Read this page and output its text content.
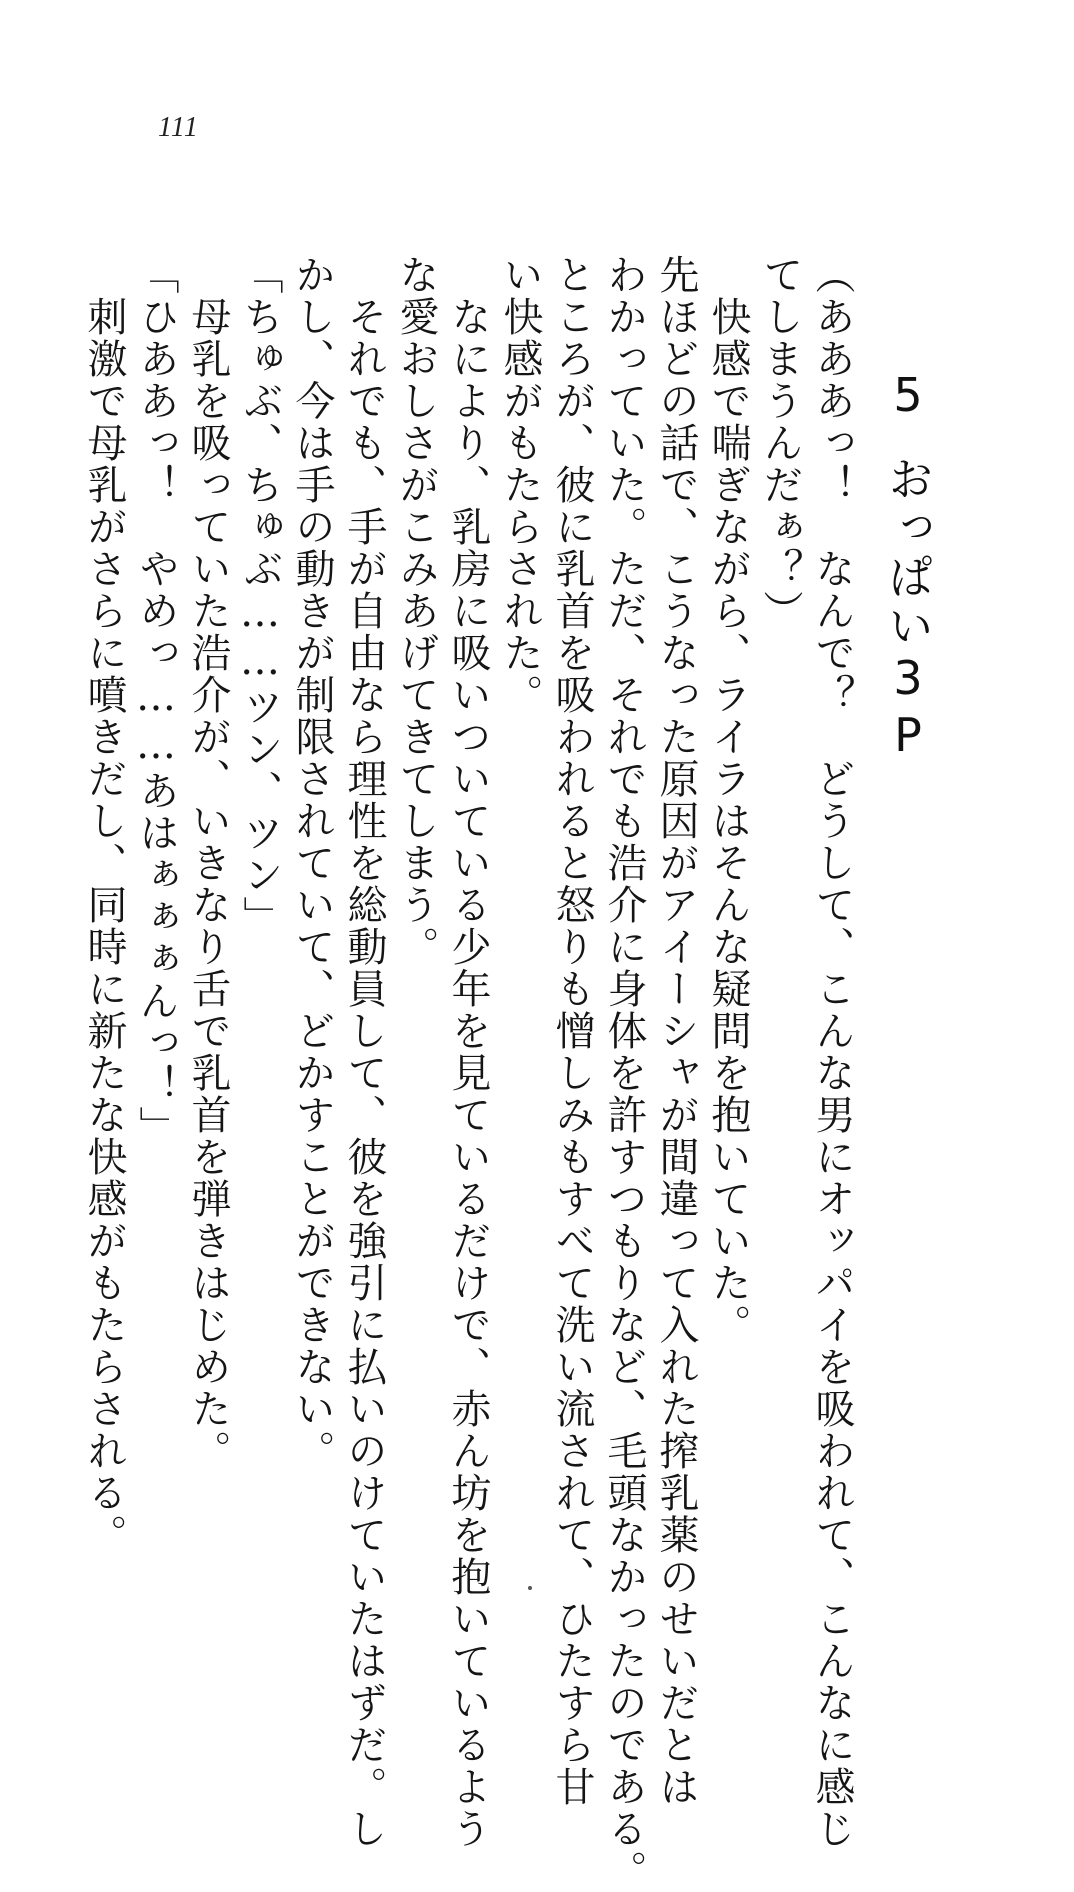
111
5おっぱい3P
（あああっ！　なんで？　どうして、こんな男にオッパイを吸われて、こんなに感じ
てしまうんだぁ？）
快感で喘ぎながら、ライラはそんな疑問を抱いていた。
先ほどの話で、こうなった原因がアイーシャが間違って入れた搾乳薬のせいだとは
わかっていた。ただ、それでも浩介に身体を許すつもりなど、毛頭なかったのである。
ところが、彼に乳首を吸われると怒りも憎しみもすべて洗い流されて、ひたすら甘
い快感がもたらされた。
なにより、乳房に吸いついている少年を見ているだけで、赤ん坊を抱いているよう
な愛おしさがこみあげてきてしまう。
それでも、手が自由なら理性を総動員して、彼を強引に払いのけていたはずだ。し
かし、今は手の動きが制限されていて、どかすことができない。
「ちゅぶ、ちゅぶ……ツン、ツン」
母乳を吸っていた浩介が、いきなり舌で乳首を弾きはじめた。
「ひああっ！　やめっ……あはぁぁぁんっ！」
刺激で母乳がさらに噴きだし、同時に新たな快感がもたらされる。
